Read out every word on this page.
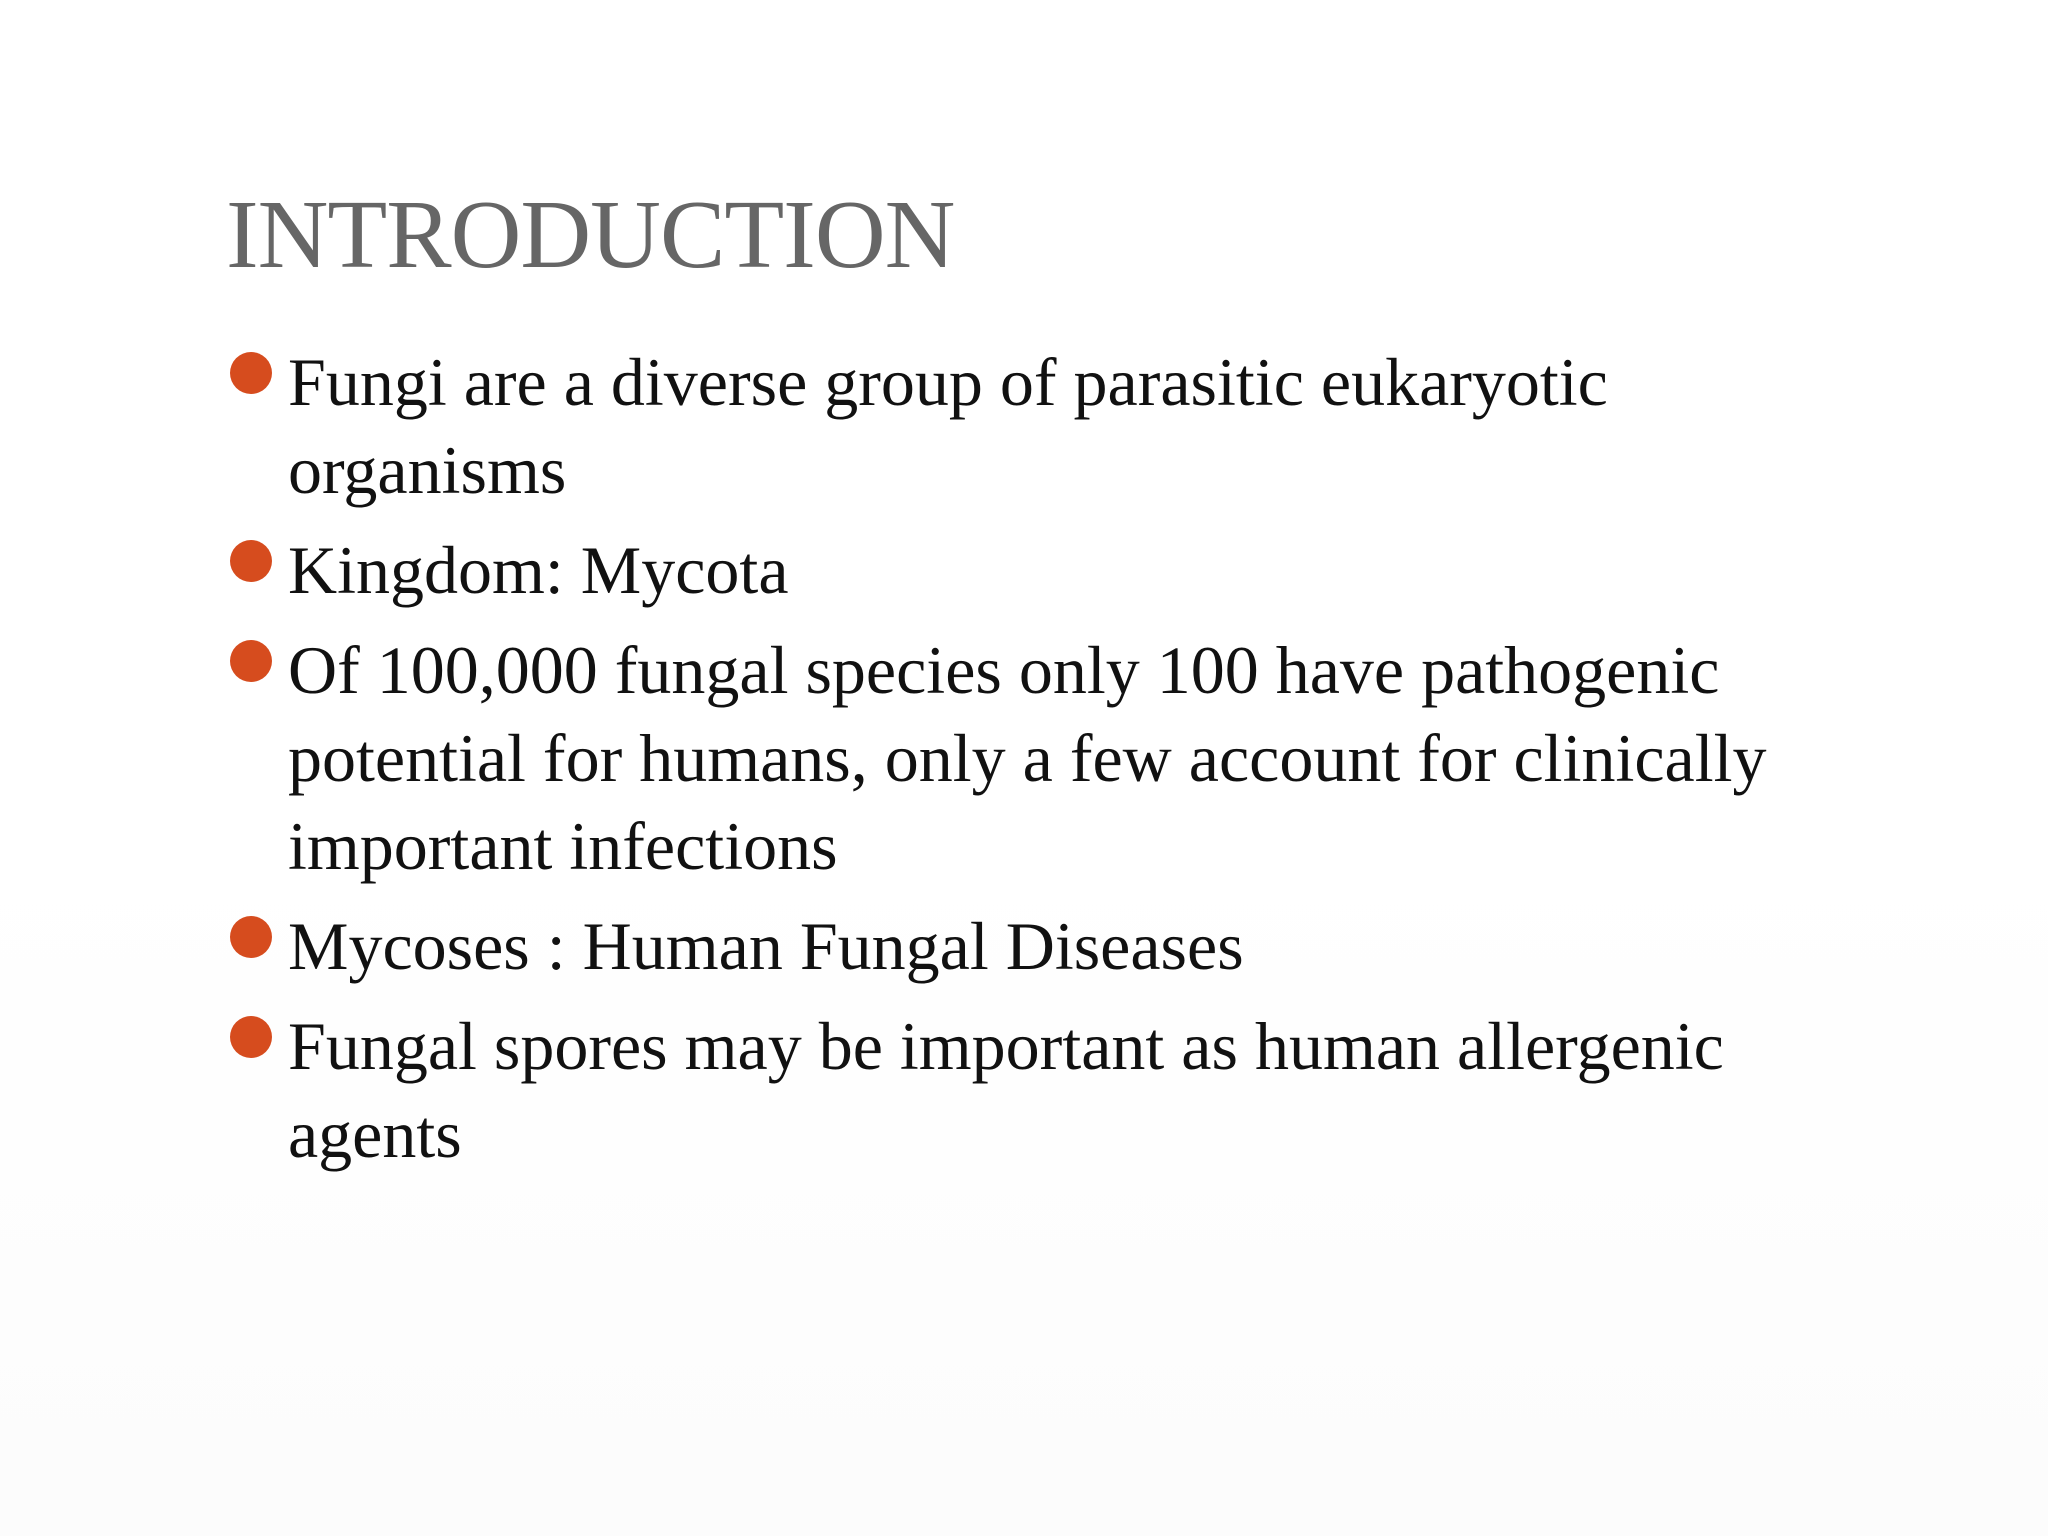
INTRODUCTION
Fungi are a diverse group of parasitic eukaryotic organisms
Kingdom: Mycota
Of 100,000 fungal species only 100 have pathogenic potential for humans, only a few account for clinically important infections
Mycoses : Human Fungal Diseases
Fungal spores may be important as human allergenic agents
